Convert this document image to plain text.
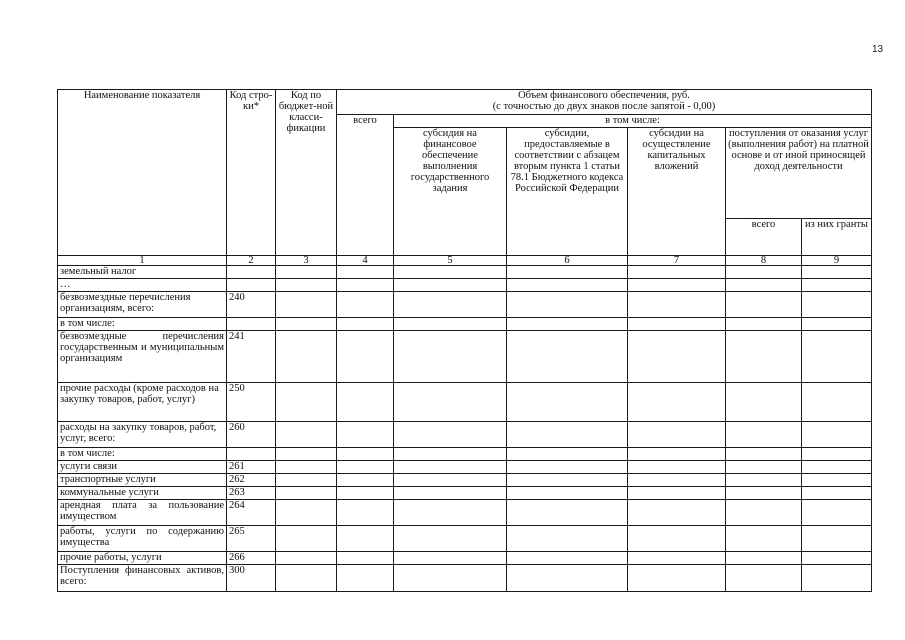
13
Наименование показателя	Код стро-ки*	Код по бюджет-ной класси-фикации	Объем финансового обеспечения, руб.
(с точностью до двух знаков после запятой - 0,00)					

			всего	в том числе:				
				субсидия на финансовое обеспечение выполнения государственного задания	субсидии, предоставляемые в соответствии с абзацем вторым пункта 1 статьи 78.1 Бюджетного кодекса Российской Федерации	субсидии на осуществление капитальных вложений	поступления от оказания услуг (выполнения работ) на платной основе и от иной приносящей доход деятельности	
							всего	из них гранты
1	2	3	4	5	6	7	8	9
земельный налог								
…								
безвозмездные перечисления организациям, всего:	240							
в том числе:								
безвозмездные перечисления государственным и муниципальным организациям	241							
прочие расходы (кроме расходов на закупку товаров, работ, услуг)	250							
расходы на закупку товаров, работ, услуг, всего:	260							
в том числе:								
услуги связи	261							
транспортные услуги	262							
коммунальные услуги	263							
арендная плата за пользование имуществом	264							
работы, услуги по содержанию имущества	265							
прочие работы, услуги	266							
Поступления финансовых активов, всего:	300							
